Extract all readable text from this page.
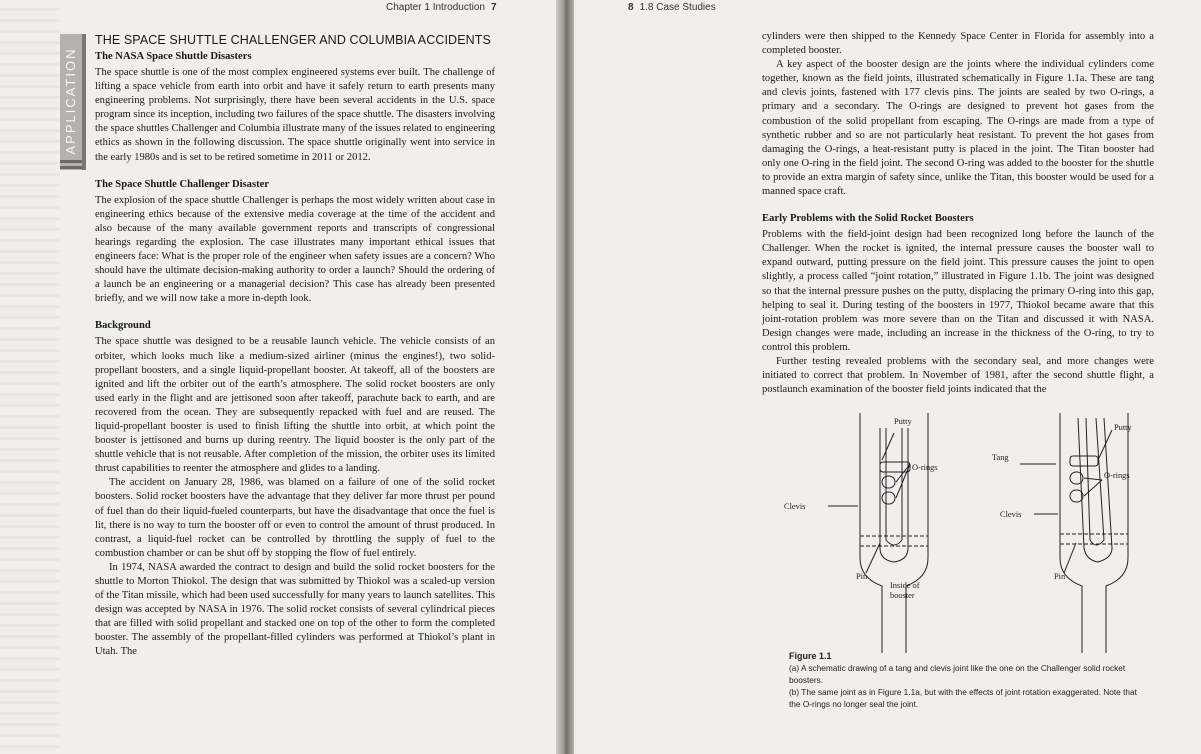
Chapter 1 Introduction 7
APPLICATION
THE SPACE SHUTTLE CHALLENGER AND COLUMBIA ACCIDENTS
The NASA Space Shuttle Disasters

The space shuttle is one of the most complex engineered systems ever built. The challenge of lifting a space vehicle from earth into orbit and have it safely return to earth presents many engineering problems. Not surprisingly, there have been several accidents in the U.S. space program since its inception, including two failures of the space shuttle. The disasters involving the space shuttles Challenger and Columbia illustrate many of the issues related to engineering ethics as shown in the following discussion. The space shuttle originally went into service in the early 1980s and is set to be retired sometime in 2011 or 2012.

The Space Shuttle Challenger Disaster

The explosion of the space shuttle Challenger is perhaps the most widely written about case in engineering ethics because of the extensive media coverage at the time of the accident and also because of the many available government reports and transcripts of congressional hearings regarding the explosion. The case illustrates many important ethical issues that engineers face: What is the proper role of the engineer when safety issues are a concern? Who should have the ultimate decision-making authority to order a launch? Should the ordering of a launch be an engineering or a managerial decision? This case has already been presented briefly, and we will now take a more in-depth look.

Background

The space shuttle was designed to be a reusable launch vehicle. The vehicle consists of an orbiter, which looks much like a medium-sized airliner (minus the engines!), two solid-propellant boosters, and a single liquid-propellant booster. At takeoff, all of the boosters are ignited and lift the orbiter out of the earth’s atmosphere. The solid rocket boosters are only used early in the flight and are jettisoned soon after takeoff, parachute back to earth, and are recovered from the ocean. They are subsequently repacked with fuel and are reused. The liquid-propellant booster is used to finish lifting the shuttle into orbit, at which point the booster is jettisoned and burns up during reentry. The liquid booster is the only part of the shuttle vehicle that is not reusable. After completion of the mission, the orbiter uses its limited thrust capabilities to reenter the atmosphere and glides to a landing.

The accident on January 28, 1986, was blamed on a failure of one of the solid rocket boosters. Solid rocket boosters have the advantage that they deliver far more thrust per pound of fuel than do their liquid-fueled counterparts, but have the disadvantage that once the fuel is lit, there is no way to turn the booster off or even to control the amount of thrust produced. In contrast, a liquid-fuel rocket can be controlled by throttling the supply of fuel to the combustion chamber or can be shut off by stopping the flow of fuel entirely.

In 1974, NASA awarded the contract to design and build the solid rocket boosters for the shuttle to Morton Thiokol. The design that was submitted by Thiokol was a scaled-up version of the Titan missile, which had been used successfully for many years to launch satellites. This design was accepted by NASA in 1976. The solid rocket consists of several cylindrical pieces that are filled with solid propellant and stacked one on top of the other to form the completed booster. The assembly of the propellant-filled cylinders was performed at Thiokol’s plant in Utah. The

8 1.8 Case Studies

cylinders were then shipped to the Kennedy Space Center in Florida for assembly into a completed booster.

A key aspect of the booster design are the joints where the individual cylinders come together, known as the field joints, illustrated schematically in Figure 1.1a. These are tang and clevis joints, fastened with 177 clevis pins. The joints are sealed by two O-rings, a primary and a secondary. The O-rings are designed to prevent hot gases from the combustion of the solid propellant from escaping. The O-rings are made from a type of synthetic rubber and so are not particularly heat resistant. To prevent the hot gases from damaging the O-rings, a heat-resistant putty is placed in the joint. The Titan booster had only one O-ring in the field joint. The second O-ring was added to the booster for the shuttle to provide an extra margin of safety since, unlike the Titan, this booster would be used for a manned space craft.

Early Problems with the Solid Rocket Boosters

Problems with the field-joint design had been recognized long before the launch of the Challenger. When the rocket is ignited, the internal pressure causes the booster wall to expand outward, putting pressure on the field joint. This pressure causes the joint to open slightly, a process called “joint rotation,” illustrated in Figure 1.1b. The joint was designed so that the internal pressure pushes on the putty, displacing the primary O-ring into this gap, helping to seal it. During testing of the boosters in 1977, Thiokol became aware that this joint-rotation problem was more severe than on the Titan and discussed it with NASA. Design changes were made, including an increase in the thickness of the O-ring, to try to control this problem.

Further testing revealed problems with the secondary seal, and more changes were initiated to correct that problem. In November of 1981, after the second shuttle flight, a postlaunch examination of the booster field joints indicated that the

Putty
O-rings
Clevis
Pin
Inside of
booster
Tang
Putty
O-rings
Clevis
Pin
Figure 1.1
(a) A schematic drawing of a tang and clevis joint like the one on the Challenger solid rocket boosters.
(b) The same joint as in Figure 1.1a, but with the effects of joint rotation exaggerated. Note that the O-rings no longer seal the joint.
